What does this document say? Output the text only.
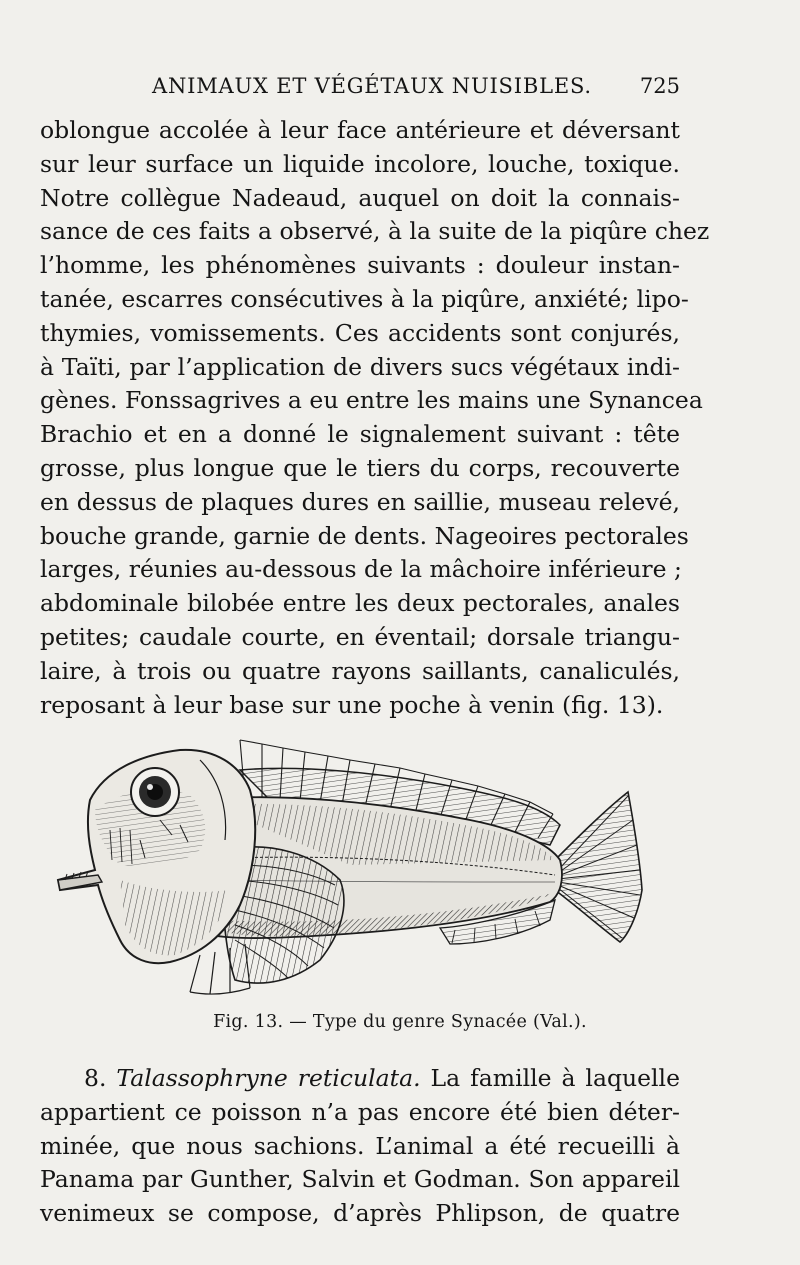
ANIMAUX ET VÉGÉTAUX NUISIBLES. 725
oblongue accolée à leur face antérieure et déversant
sur leur surface un liquide incolore, louche, toxique.
Notre collègue Nadeaud, auquel on doit la connais-
sance de ces faits a observé, à la suite de la piqûre chez
l’homme, les phénomènes suivants : douleur instan-
tanée, escarres consécutives à la piqûre, anxiété; lipo-
thymies, vomissements. Ces accidents sont conjurés,
à Taïti, par l’application de divers sucs végétaux indi-
gènes. Fonssagrives a eu entre les mains une Synancea
Brachio et en a donné le signalement suivant : tête
grosse, plus longue que le tiers du corps, recouverte
en dessus de plaques dures en saillie, museau relevé,
bouche grande, garnie de dents. Nageoires pectorales
larges, réunies au-dessous de la mâchoire inférieure ;
abdominale bilobée entre les deux pectorales, anales
petites; caudale courte, en éventail; dorsale triangu-
laire, à trois ou quatre rayons saillants, canaliculés,
reposant à leur base sur une poche à venin (fig. 13).
Fig. 13. — Type du genre Synacée (Val.).
8. Talassophryne reticulata. La famille à laquelle
appartient ce poisson n’a pas encore été bien déter-
minée, que nous sachions. L’animal a été recueilli à
Panama par Gunther, Salvin et Godman. Son appareil
venimeux se compose, d’après Phlipson, de quatre
